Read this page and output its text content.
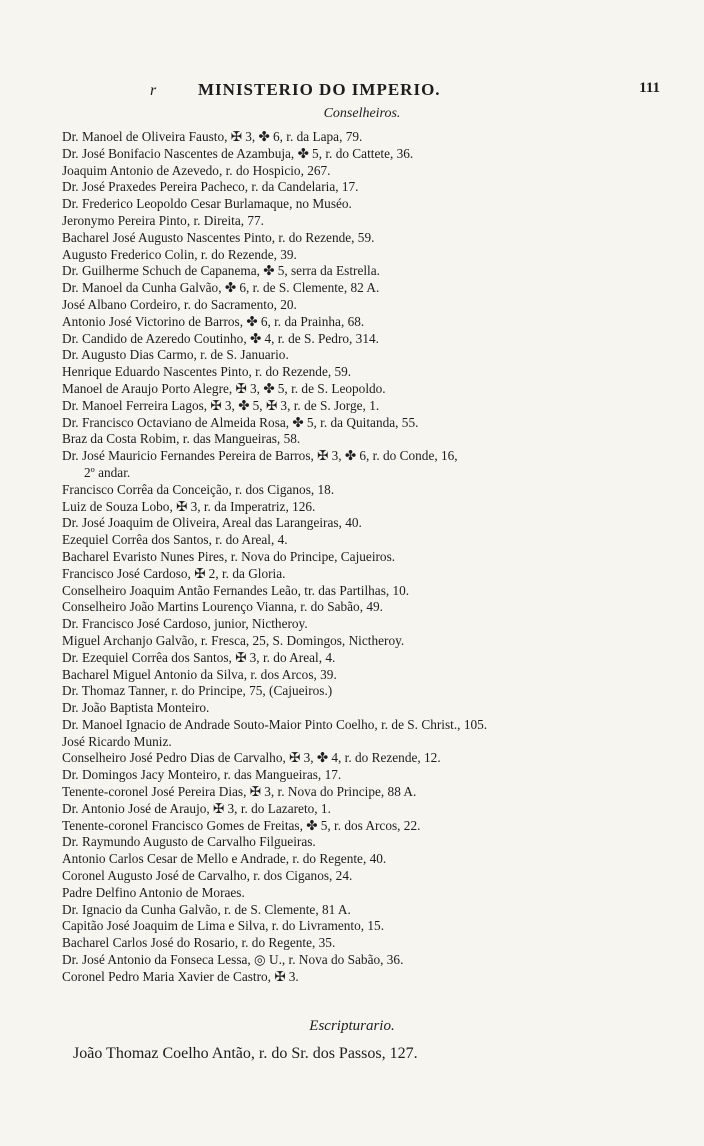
r MINISTERIO DO IMPERIO.	111
Conselheiros.
Dr. Manoel de Oliveira Fausto, ✠ 3, ✤ 6, r. da Lapa, 79.
Dr. José Bonifacio Nascentes de Azambuja, ✤ 5, r. do Cattete, 36.
Joaquim Antonio de Azevedo, r. do Hospicio, 267.
Dr. José Praxedes Pereira Pacheco, r. da Candelaria, 17.
Dr. Frederico Leopoldo Cesar Burlamaque, no Muséo.
Jeronymo Pereira Pinto, r. Direita, 77.
Bacharel José Augusto Nascentes Pinto, r. do Rezende, 59.
Augusto Frederico Colin, r. do Rezende, 39.
Dr. Guilherme Schuch de Capanema, ✤ 5, serra da Estrella.
Dr. Manoel da Cunha Galvão, ✤ 6, r. de S. Clemente, 82 A.
José Albano Cordeiro, r. do Sacramento, 20.
Antonio José Victorino de Barros, ✤ 6, r. da Prainha, 68.
Dr. Candido de Azeredo Coutinho, ✤ 4, r. de S. Pedro, 314.
Dr. Augusto Dias Carmo, r. de S. Januario.
Henrique Eduardo Nascentes Pinto, r. do Rezende, 59.
Manoel de Araujo Porto Alegre, ✠ 3, ✤ 5, r. de S. Leopoldo.
Dr. Manoel Ferreira Lagos, ✠ 3, ✤ 5, ✠ 3, r. de S. Jorge, 1.
Dr. Francisco Octaviano de Almeida Rosa, ✤ 5, r. da Quitanda, 55.
Braz da Costa Robim, r. das Mangueiras, 58.
Dr. José Mauricio Fernandes Pereira de Barros, ✠ 3, ✤ 6, r. do Conde, 16,
2º andar.
Francisco Corrêa da Conceição, r. dos Ciganos, 18.
Luiz de Souza Lobo, ✠ 3, r. da Imperatriz, 126.
Dr. José Joaquim de Oliveira, Areal das Larangeiras, 40.
Ezequiel Corrêa dos Santos, r. do Areal, 4.
Bacharel Evaristo Nunes Pires, r. Nova do Principe, Cajueiros.
Francisco José Cardoso, ✠ 2, r. da Gloria.
Conselheiro Joaquim Antão Fernandes Leão, tr. das Partilhas, 10.
Conselheiro João Martins Lourenço Vianna, r. do Sabão, 49.
Dr. Francisco José Cardoso, junior, Nictheroy.
Miguel Archanjo Galvão, r. Fresca, 25, S. Domingos, Nictheroy.
Dr. Ezequiel Corrêa dos Santos, ✠ 3, r. do Areal, 4.
Bacharel Miguel Antonio da Silva, r. dos Arcos, 39.
Dr. Thomaz Tanner, r. do Principe, 75, (Cajueiros.)
Dr. João Baptista Monteiro.
Dr. Manoel Ignacio de Andrade Souto-Maior Pinto Coelho, r. de S. Christ., 105.
José Ricardo Muniz.
Conselheiro José Pedro Dias de Carvalho, ✠ 3, ✤ 4, r. do Rezende, 12.
Dr. Domingos Jacy Monteiro, r. das Mangueiras, 17.
Tenente-coronel José Pereira Dias, ✠ 3, r. Nova do Principe, 88 A.
Dr. Antonio José de Araujo, ✠ 3, r. do Lazareto, 1.
Tenente-coronel Francisco Gomes de Freitas, ✤ 5, r. dos Arcos, 22.
Dr. Raymundo Augusto de Carvalho Filgueiras.
Antonio Carlos Cesar de Mello e Andrade, r. do Regente, 40.
Coronel Augusto José de Carvalho, r. dos Ciganos, 24.
Padre Delfino Antonio de Moraes.
Dr. Ignacio da Cunha Galvão, r. de S. Clemente, 81 A.
Capitão José Joaquim de Lima e Silva, r. do Livramento, 15.
Bacharel Carlos José do Rosario, r. do Regente, 35.
Dr. José Antonio da Fonseca Lessa, ◎ U., r. Nova do Sabão, 36.
Coronel Pedro Maria Xavier de Castro, ✠ 3.
Escripturario.
João Thomaz Coelho Antão, r. do Sr. dos Passos, 127.
